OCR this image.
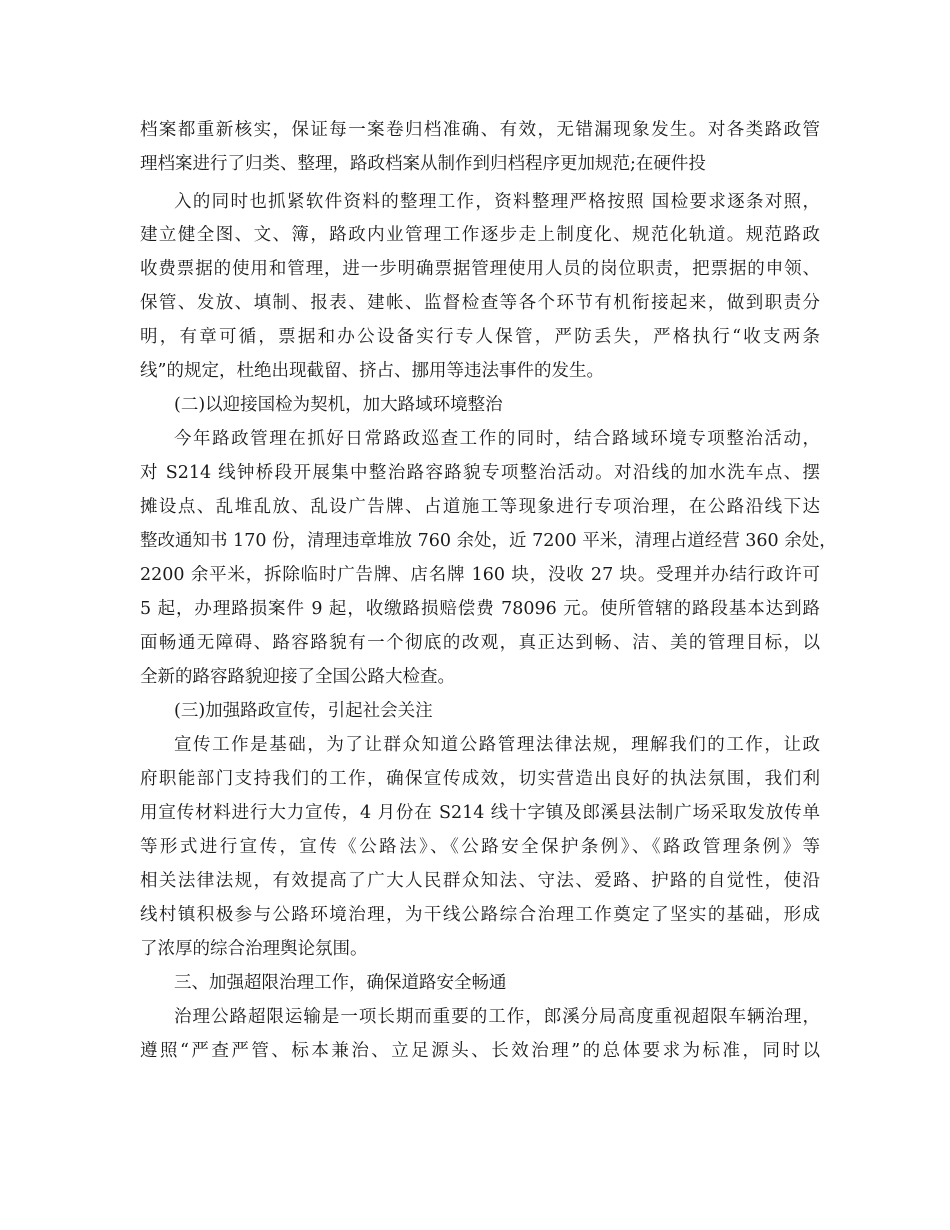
档案都重新核实，保证每一案卷归档准确、有效，无错漏现象发生。对各类路政管
理档案进行了归类、整理，路政档案从制作到归档程序更加规范;在硬件投
入的同时也抓紧软件资料的整理工作，资料整理严格按照 国检要求逐条对照，
建立健全图、文、簿，路政内业管理工作逐步走上制度化、规范化轨道。规范路政
收费票据的使用和管理，进一步明确票据管理使用人员的岗位职责，把票据的申领、
保管、发放、填制、报表、建帐、监督检查等各个环节有机衔接起来，做到职责分
明，有章可循，票据和办公设备实行专人保管，严防丢失，严格执行“收支两条
线”的规定，杜绝出现截留、挤占、挪用等违法事件的发生。
(二)以迎接国检为契机，加大路域环境整治
今年路政管理在抓好日常路政巡查工作的同时，结合路域环境专项整治活动，
对 S214 线钟桥段开展集中整治路容路貌专项整治活动。对沿线的加水洗车点、摆
摊设点、乱堆乱放、乱设广告牌、占道施工等现象进行专项治理，在公路沿线下达
整改通知书 170 份，清理违章堆放 760 余处，近 7200 平米，清理占道经营 360 余处，
2200 余平米，拆除临时广告牌、店名牌 160 块，没收 27 块。受理并办结行政许可
5 起，办理路损案件 9 起，收缴路损赔偿费 78096 元。使所管辖的路段基本达到路
面畅通无障碍、路容路貌有一个彻底的改观，真正达到畅、洁、美的管理目标，以
全新的路容路貌迎接了全国公路大检查。
(三)加强路政宣传，引起社会关注
宣传工作是基础，为了让群众知道公路管理法律法规，理解我们的工作，让政
府职能部门支持我们的工作，确保宣传成效，切实营造出良好的执法氛围，我们利
用宣传材料进行大力宣传，4 月份在 S214 线十字镇及郎溪县法制广场采取发放传单
等形式进行宣传，宣传《公路法》、《公路安全保护条例》、《路政管理条例》等
相关法律法规，有效提高了广大人民群众知法、守法、爱路、护路的自觉性，使沿
线村镇积极参与公路环境治理，为干线公路综合治理工作奠定了坚实的基础，形成
了浓厚的综合治理舆论氛围。
三、加强超限治理工作，确保道路安全畅通
治理公路超限运输是一项长期而重要的工作，郎溪分局高度重视超限车辆治理，
遵照“严查严管、标本兼治、立足源头、长效治理”的总体要求为标准，同时以
